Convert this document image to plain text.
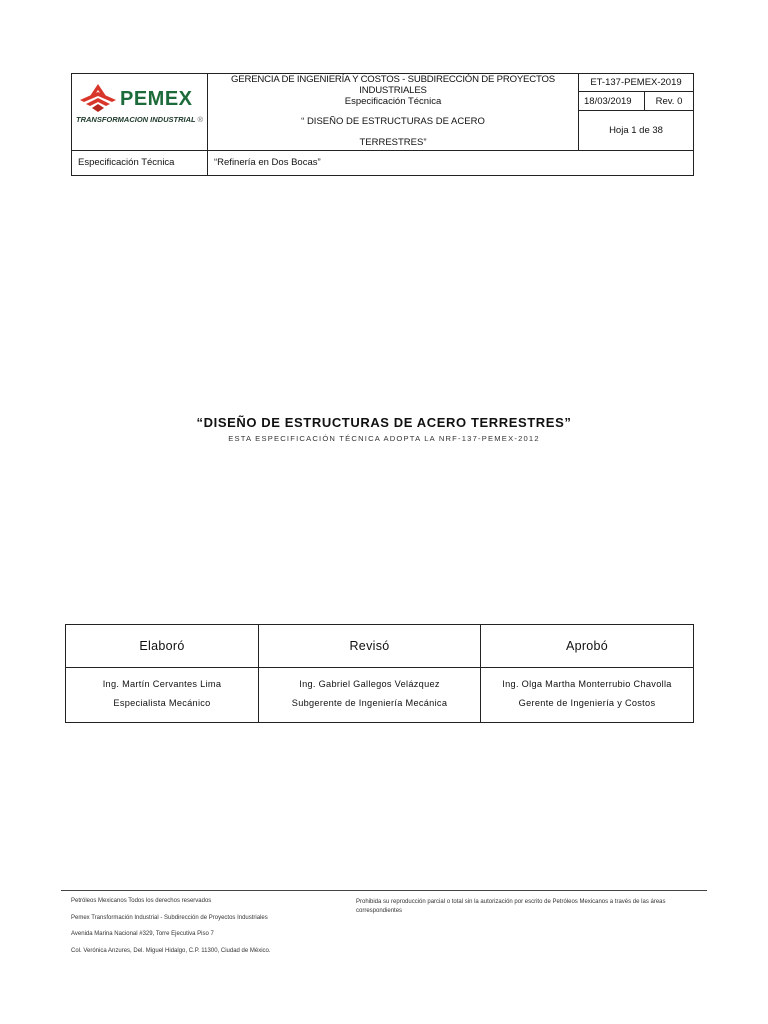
PEMEX
TRANSFORMACION INDUSTRIAL ®
GERENCIA DE INGENIERÍA Y COSTOS - SUBDIRECCIÓN DE PROYECTOS INDUSTRIALES
Especificación Técnica
“ DISEÑO DE ESTRUCTURAS DE ACERO
TERRESTRES”
ET-137-PEMEX-2019
18/03/2019	Rev. 0
Hoja 1 de 38
Especificación Técnica	“Refinería en Dos Bocas”
“DISEÑO DE ESTRUCTURAS DE ACERO TERRESTRES”
ESTA ESPECIFICACIÓN TÉCNICA ADOPTA LA NRF-137-PEMEX-2012
Elaboró
Ing. Martín Cervantes Lima
Especialista Mecánico
Revisó
Ing. Gabriel Gallegos Velázquez
Subgerente de Ingeniería Mecánica
Aprobó
Ing. Olga Martha Monterrubio Chavolla
Gerente de Ingeniería y Costos
Petróleos Mexicanos Todos los derechos reservados
Pemex Transformación Industrial - Subdirección de Proyectos Industriales
Avenida Marina Nacional #329, Torre Ejecutiva Piso 7
Col. Verónica Anzures, Del. Miguel Hidalgo, C.P. 11300, Ciudad de México.
Prohibida su reproducción parcial o total sin la autorización por escrito de Petróleos Mexicanos a través de las áreas correspondientes
